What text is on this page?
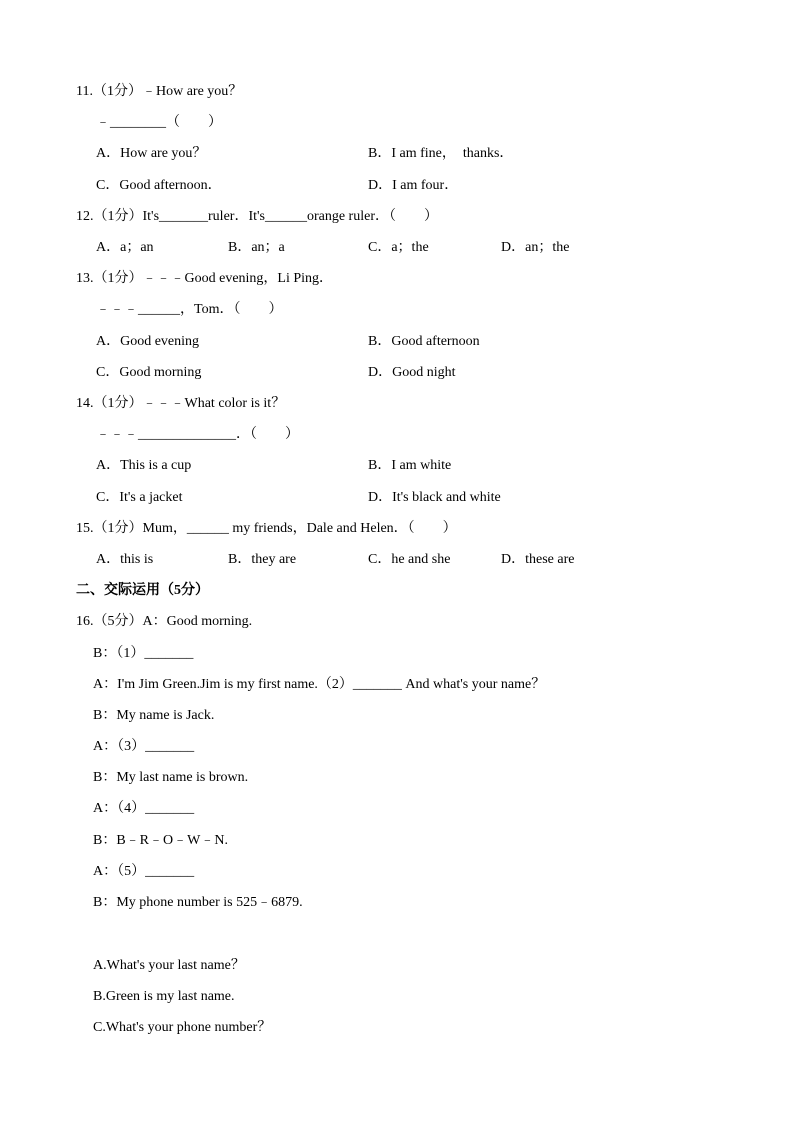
11.（1分）﹣How are you？
﹣________（　　）
A．How are you？	B．I am fine，　thanks．
C．Good afternoon．	D．I am four．
12.（1分）It's_______ruler．It's______orange ruler．（　　）
A．a；an	B．an；a	C．a；the	D．an；the
13.（1分）﹣﹣﹣Good evening，Li Ping．
﹣﹣﹣______，Tom．（　　）
A．Good evening	B．Good afternoon
C．Good morning	D．Good night
14.（1分）﹣﹣﹣What color is it？
﹣﹣﹣______________．（　　）
A．This is a cup	B．I am white
C．It's a jacket	D．It's black and white
15.（1分）Mum，______ my friends，Dale and Helen．（　　）
A．this is	B．they are	C．he and she	D．these are
二、交际运用（5分）
16.（5分）A：Good morning.
B：（1）_______
A：I'm Jim Green.Jim is my first name.（2）_______ And what's your name？
B：My name is Jack.
A：（3）_______
B：My last name is brown.
A：（4）_______
B：B﹣R﹣O﹣W﹣N.
A：（5）_______
B：My phone number is 525﹣6879.
A.What's your last name？
B.Green is my last name.
C.What's your phone number？
